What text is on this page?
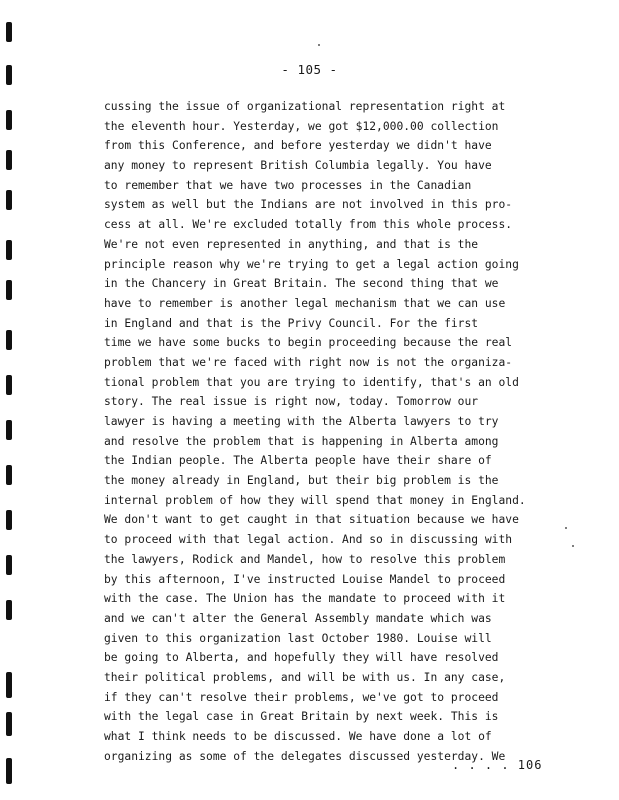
- 105 -
cussing the issue of organizational representation right at
the eleventh hour. Yesterday, we got $12,000.00 collection
from this Conference, and before yesterday we didn't have
any money to represent British Columbia legally. You have
to remember that we have two processes in the Canadian
system as well but the Indians are not involved in this pro-
cess at all. We're excluded totally from this whole process.
We're not even represented in anything, and that is the
principle reason why we're trying to get a legal action going
in the Chancery in Great Britain. The second thing that we
have to remember is another legal mechanism that we can use
in England and that is the Privy Council. For the first
time we have some bucks to begin proceeding because the real
problem that we're faced with right now is not the organiza-
tional problem that you are trying to identify, that's an old
story. The real issue is right now, today. Tomorrow our
lawyer is having a meeting with the Alberta lawyers to try
and resolve the problem that is happening in Alberta among
the Indian people. The Alberta people have their share of
the money already in England, but their big problem is the
internal problem of how they will spend that money in England.
We don't want to get caught in that situation because we have
to proceed with that legal action. And so in discussing with
the lawyers, Rodick and Mandel, how to resolve this problem
by this afternoon, I've instructed Louise Mandel to proceed
with the case. The Union has the mandate to proceed with it
and we can't alter the General Assembly mandate which was
given to this organization last October 1980. Louise will
be going to Alberta, and hopefully they will have resolved
their political problems, and will be with us. In any case,
if they can't resolve their problems, we've got to proceed
with the legal case in Great Britain by next week. This is
what I think needs to be discussed. We have done a lot of
organizing as some of the delegates discussed yesterday. We
. . . . 106
